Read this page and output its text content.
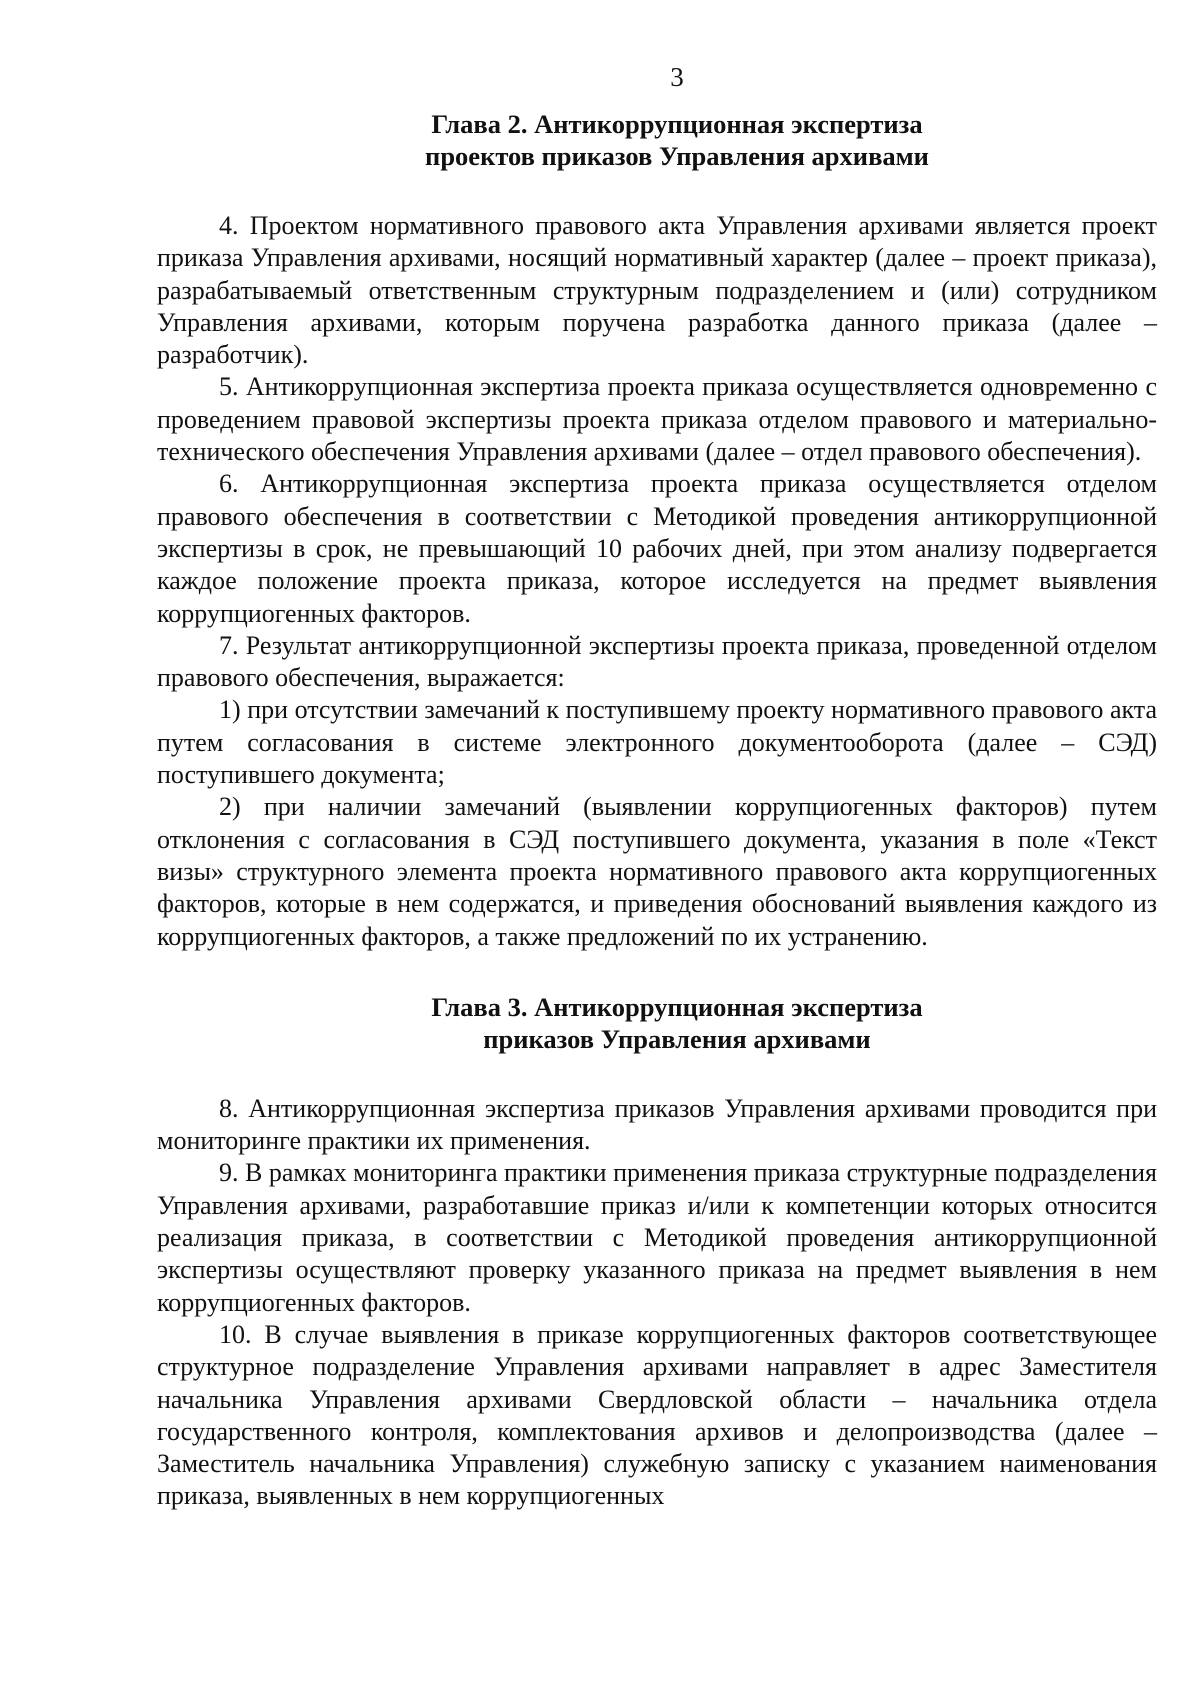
3
Глава 2. Антикоррупционная экспертиза
проектов приказов Управления архивами

4. Проектом нормативного правового акта Управления архивами является проект приказа Управления архивами, носящий нормативный характер (далее – проект приказа), разрабатываемый ответственным структурным подразделением и (или) сотрудником Управления архивами, которым поручена разработка данного приказа (далее – разработчик).

5. Антикоррупционная экспертиза проекта приказа осуществляется одновременно с проведением правовой экспертизы проекта приказа отделом правового и материально-технического обеспечения Управления архивами (далее – отдел правового обеспечения).

6. Антикоррупционная экспертиза проекта приказа осуществляется отделом правового обеспечения в соответствии с Методикой проведения антикоррупционной экспертизы в срок, не превышающий 10 рабочих дней, при этом анализу подвергается каждое положение проекта приказа, которое исследуется на предмет выявления коррупциогенных факторов.

7. Результат антикоррупционной экспертизы проекта приказа, проведенной отделом правового обеспечения, выражается:

1) при отсутствии замечаний к поступившему проекту нормативного правового акта путем согласования в системе электронного документооборота (далее – СЭД) поступившего документа;

2) при наличии замечаний (выявлении коррупциогенных факторов) путем отклонения с согласования в СЭД поступившего документа, указания в поле «Текст визы» структурного элемента проекта нормативного правового акта коррупциогенных факторов, которые в нем содержатся, и приведения обоснований выявления каждого из коррупциогенных факторов, а также предложений по их устранению.

Глава 3. Антикоррупционная экспертиза
приказов Управления архивами

8. Антикоррупционная экспертиза приказов Управления архивами проводится при мониторинге практики их применения.

9. В рамках мониторинга практики применения приказа структурные подразделения Управления архивами, разработавшие приказ и/или к компетенции которых относится реализация приказа, в соответствии с Методикой проведения антикоррупционной экспертизы осуществляют проверку указанного приказа на предмет выявления в нем коррупциогенных факторов.

10. В случае выявления в приказе коррупциогенных факторов соответствующее структурное подразделение Управления архивами направляет в адрес Заместителя начальника Управления архивами Свердловской области – начальника отдела государственного контроля, комплектования архивов и делопроизводства (далее – Заместитель начальника Управления) служебную записку с указанием наименования приказа, выявленных в нем коррупциогенных
